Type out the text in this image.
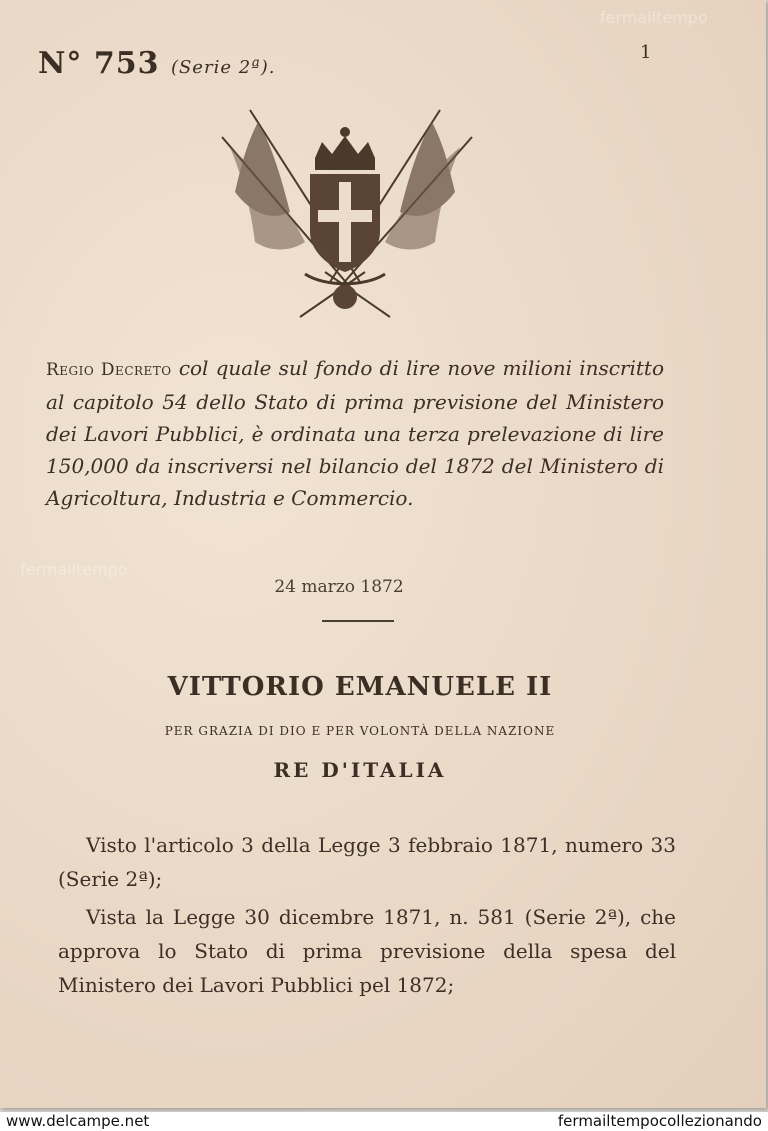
N° 753 (Serie 2ª).

1

Regio Decreto col quale sul fondo di lire nove milioni inscritto al capitolo 54 dello Stato di prima previsione del Ministero dei Lavori Pubblici, è ordinata una terza prelevazione di lire 150,000 da inscriversi nel bilancio del 1872 del Ministero di Agricoltura, Industria e Commercio.

24 marzo 1872

VITTORIO EMANUELE II

PER GRAZIA DI DIO E PER VOLONTÀ DELLA NAZIONE

RE D'ITALIA

Visto l'articolo 3 della Legge 3 febbraio 1871, numero 33 (Serie 2ª);

Vista la Legge 30 dicembre 1871, n. 581 (Serie 2ª), che approva lo Stato di prima previsione della spesa del Ministero dei Lavori Pubblici pel 1872;

fermailtempo
fermailtempo
www.delcampe.net	fermailtempocollezionando
